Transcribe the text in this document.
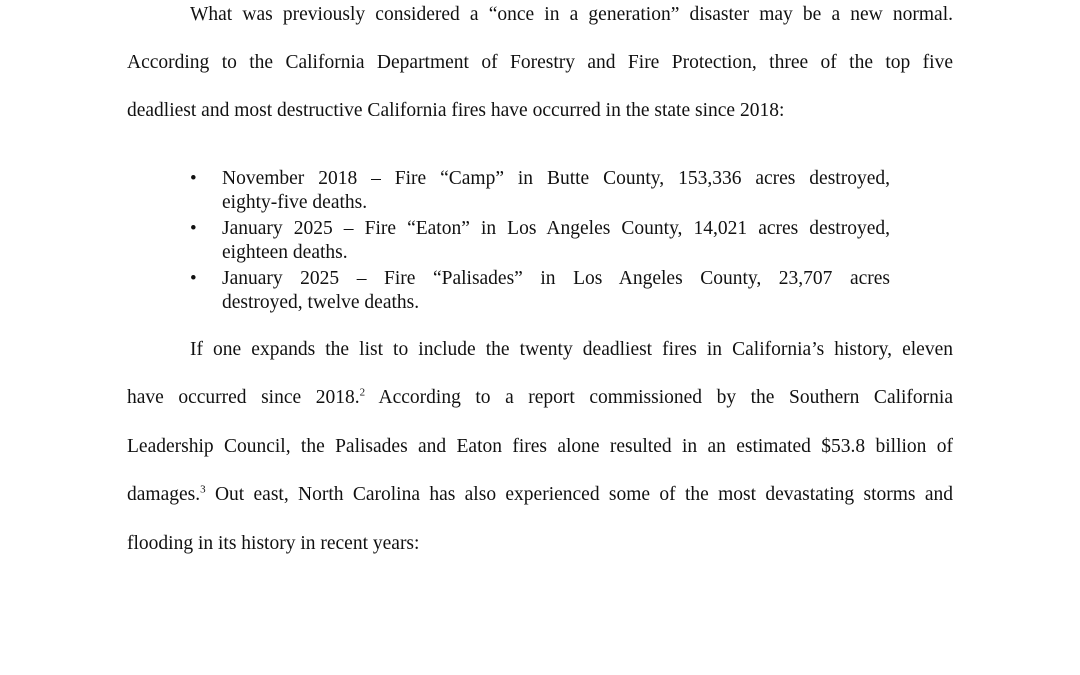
What was previously considered a “once in a generation” disaster may be a new normal.
According to the California Department of Forestry and Fire Protection, three of the top five
deadliest and most destructive California fires have occurred in the state since 2018:
• November 2018 – Fire “Camp” in Butte County, 153,336 acres destroyed,
eighty-five deaths.
• January 2025 – Fire “Eaton” in Los Angeles County, 14,021 acres destroyed,
eighteen deaths.
• January 2025 – Fire “Palisades” in Los Angeles County, 23,707 acres
destroyed, twelve deaths.
If one expands the list to include the twenty deadliest fires in California’s history, eleven
have occurred since 2018.$^2$ According to a report commissioned by the Southern California
Leadership Council, the Palisades and Eaton fires alone resulted in an estimated $53.8 billion of
damages.$^3$ Out east, North Carolina has also experienced some of the most devastating storms and
flooding in its history in recent years:
